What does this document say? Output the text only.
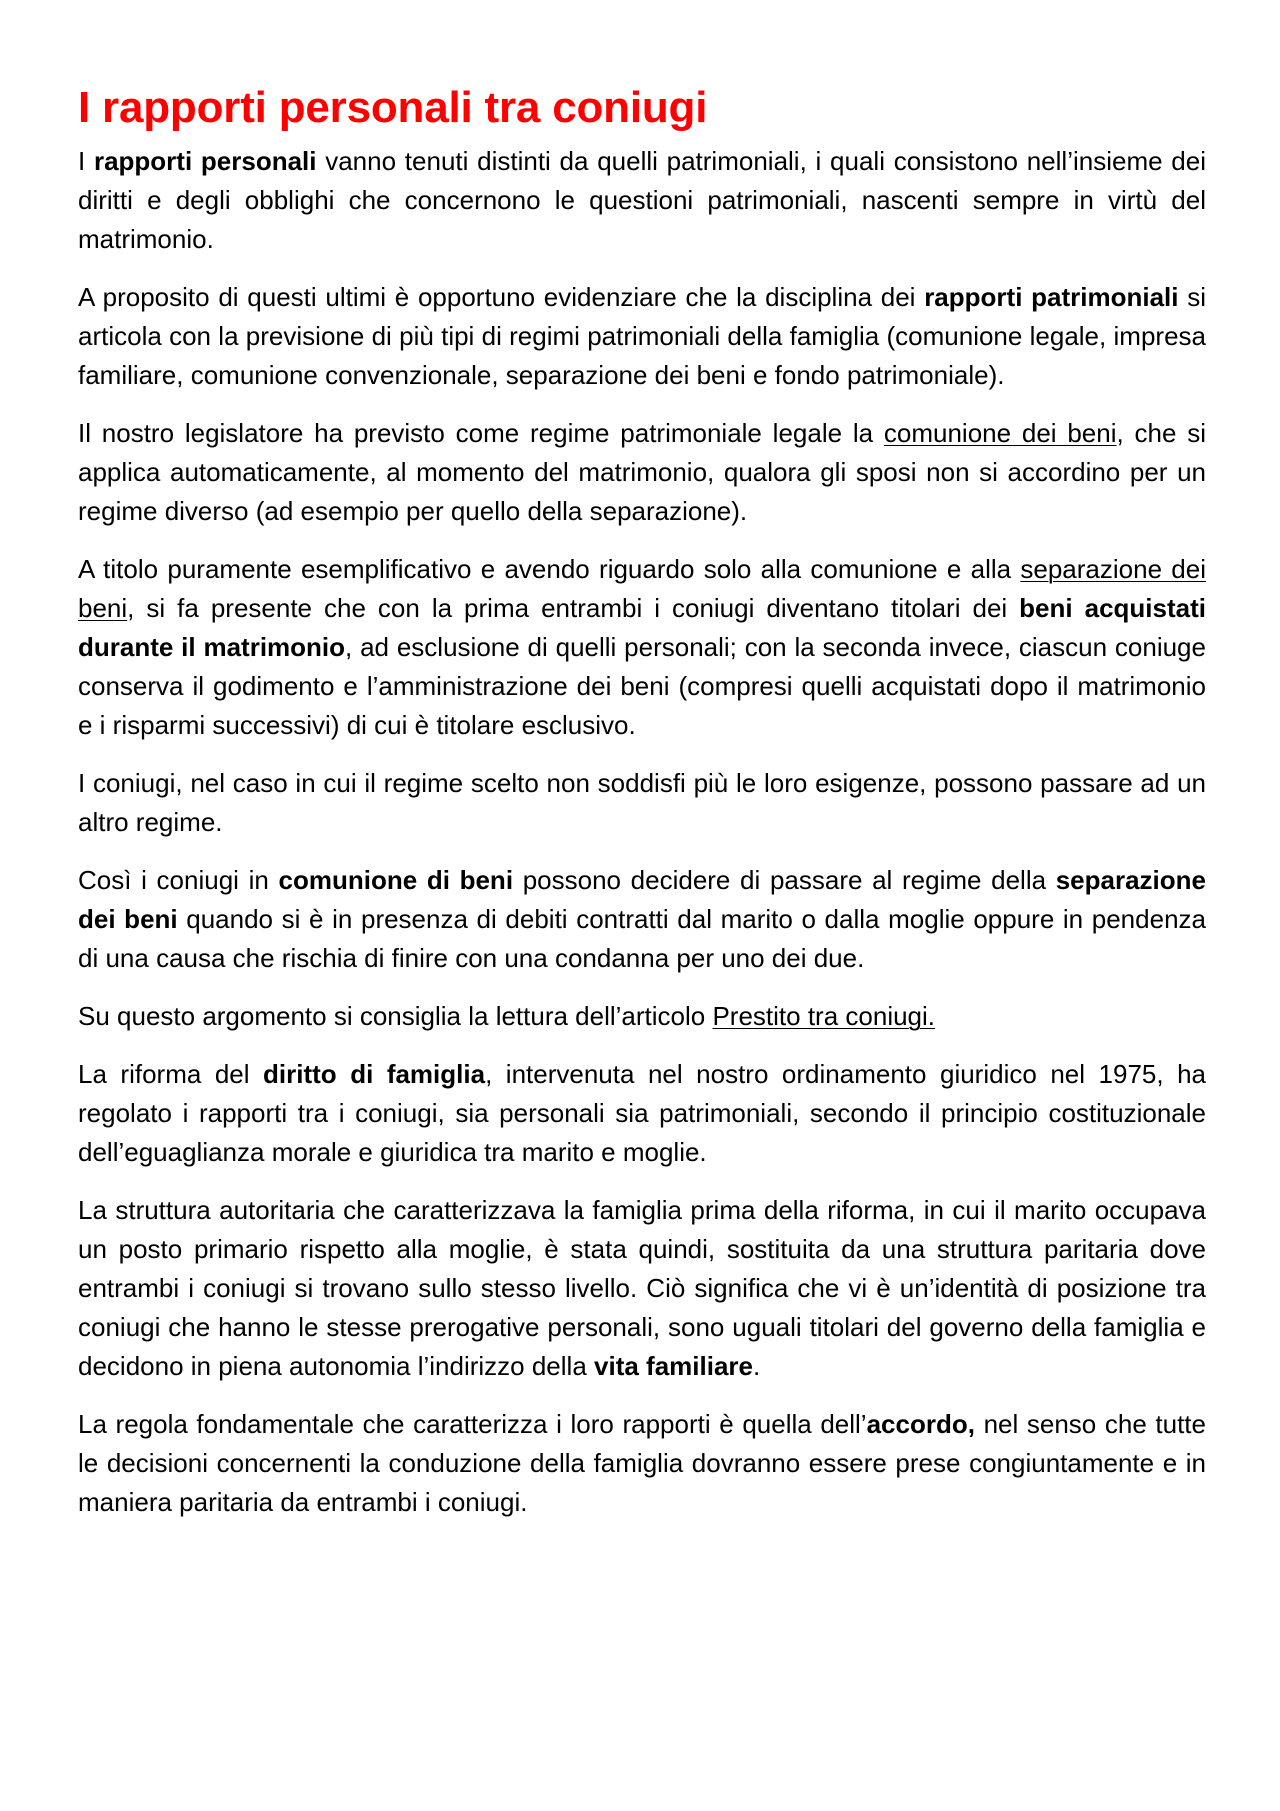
I rapporti personali tra coniugi

I rapporti personali vanno tenuti distinti da quelli patrimoniali, i quali consistono nell’insieme dei diritti e degli obblighi che concernono le questioni patrimoniali, nascenti sempre in virtù del matrimonio.

A proposito di questi ultimi è opportuno evidenziare che la disciplina dei rapporti patrimoniali si articola con la previsione di più tipi di regimi patrimoniali della famiglia (comunione legale, impresa familiare, comunione convenzionale, separazione dei beni e fondo patrimoniale).

Il nostro legislatore ha previsto come regime patrimoniale legale la comunione dei beni, che si applica automaticamente, al momento del matrimonio, qualora gli sposi non si accordino per un regime diverso (ad esempio per quello della separazione).

A titolo puramente esemplificativo e avendo riguardo solo alla comunione e alla separazione dei beni, si fa presente che con la prima entrambi i coniugi diventano titolari dei beni acquistati durante il matrimonio, ad esclusione di quelli personali; con la seconda invece, ciascun coniuge conserva il godimento e l’amministrazione dei beni (compresi quelli acquistati dopo il matrimonio e i risparmi successivi) di cui è titolare esclusivo.

I coniugi, nel caso in cui il regime scelto non soddisfi più le loro esigenze, possono passare ad un altro regime.

Così i coniugi in comunione di beni possono decidere di passare al regime della separazione dei beni quando si è in presenza di debiti contratti dal marito o dalla moglie oppure in pendenza di una causa che rischia di finire con una condanna per uno dei due.

Su questo argomento si consiglia la lettura dell’articolo Prestito tra coniugi.

La riforma del diritto di famiglia, intervenuta nel nostro ordinamento giuridico nel 1975, ha regolato i rapporti tra i coniugi, sia personali sia patrimoniali, secondo il principio costituzionale dell’eguaglianza morale e giuridica tra marito e moglie.

La struttura autoritaria che caratterizzava la famiglia prima della riforma, in cui il marito occupava un posto primario rispetto alla moglie, è stata quindi, sostituita da una struttura paritaria dove entrambi i coniugi si trovano sullo stesso livello. Ciò significa che vi è un’identità di posizione tra coniugi che hanno le stesse prerogative personali, sono uguali titolari del governo della famiglia e decidono in piena autonomia l’indirizzo della vita familiare.

La regola fondamentale che caratterizza i loro rapporti è quella dell’accordo, nel senso che tutte le decisioni concernenti la conduzione della famiglia dovranno essere prese congiuntamente e in maniera paritaria da entrambi i coniugi.
